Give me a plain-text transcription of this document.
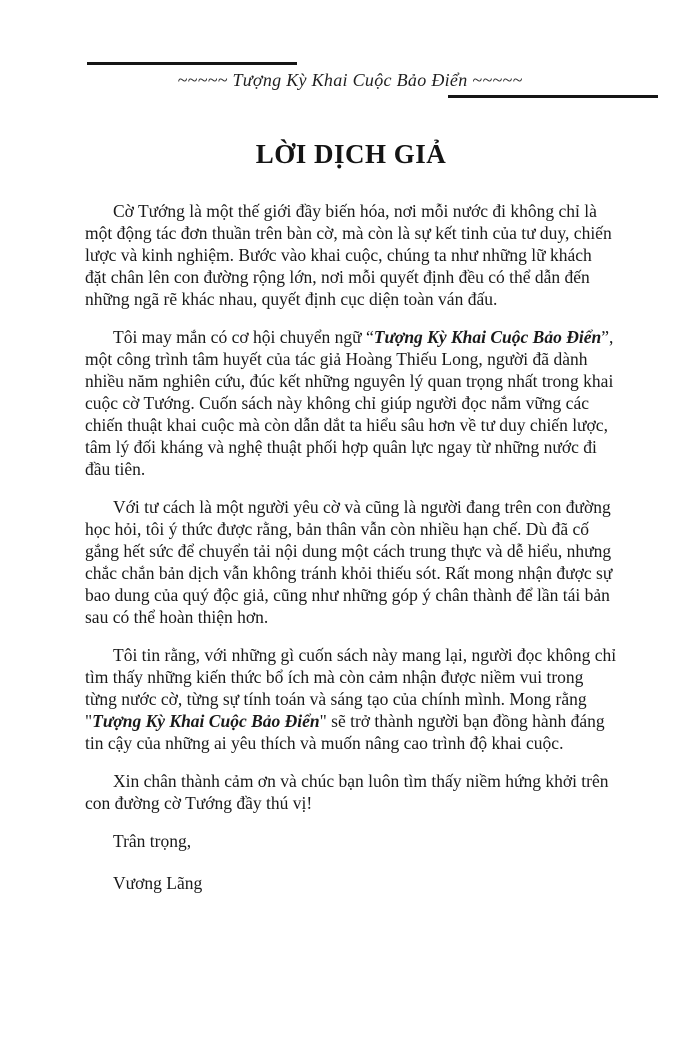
~~~~~ Tượng Kỳ Khai Cuộc Bảo Điển ~~~~~
LỜI DỊCH GIẢ

Cờ Tướng là một thế giới đầy biến hóa, nơi mỗi nước đi không chỉ là một động tác đơn thuần trên bàn cờ, mà còn là sự kết tinh của tư duy, chiến lược và kinh nghiệm. Bước vào khai cuộc, chúng ta như những lữ khách đặt chân lên con đường rộng lớn, nơi mỗi quyết định đều có thể dẫn đến những ngã rẽ khác nhau, quyết định cục diện toàn ván đấu.

Tôi may mắn có cơ hội chuyển ngữ “Tượng Kỳ Khai Cuộc Bảo Điển”, một công trình tâm huyết của tác giả Hoàng Thiếu Long, người đã dành nhiều năm nghiên cứu, đúc kết những nguyên lý quan trọng nhất trong khai cuộc cờ Tướng. Cuốn sách này không chỉ giúp người đọc nắm vững các chiến thuật khai cuộc mà còn dẫn dắt ta hiểu sâu hơn về tư duy chiến lược, tâm lý đối kháng và nghệ thuật phối hợp quân lực ngay từ những nước đi đầu tiên.

Với tư cách là một người yêu cờ và cũng là người đang trên con đường học hỏi, tôi ý thức được rằng, bản thân vẫn còn nhiều hạn chế. Dù đã cố gắng hết sức để chuyển tải nội dung một cách trung thực và dễ hiểu, nhưng chắc chắn bản dịch vẫn không tránh khỏi thiếu sót. Rất mong nhận được sự bao dung của quý độc giả, cũng như những góp ý chân thành để lần tái bản sau có thể hoàn thiện hơn.

Tôi tin rằng, với những gì cuốn sách này mang lại, người đọc không chỉ tìm thấy những kiến thức bổ ích mà còn cảm nhận được niềm vui trong từng nước cờ, từng sự tính toán và sáng tạo của chính mình. Mong rằng "Tượng Kỳ Khai Cuộc Bảo Điển" sẽ trở thành người bạn đồng hành đáng tin cậy của những ai yêu thích và muốn nâng cao trình độ khai cuộc.

Xin chân thành cảm ơn và chúc bạn luôn tìm thấy niềm hứng khởi trên con đường cờ Tướng đầy thú vị!

Trân trọng,

Vương Lãng
